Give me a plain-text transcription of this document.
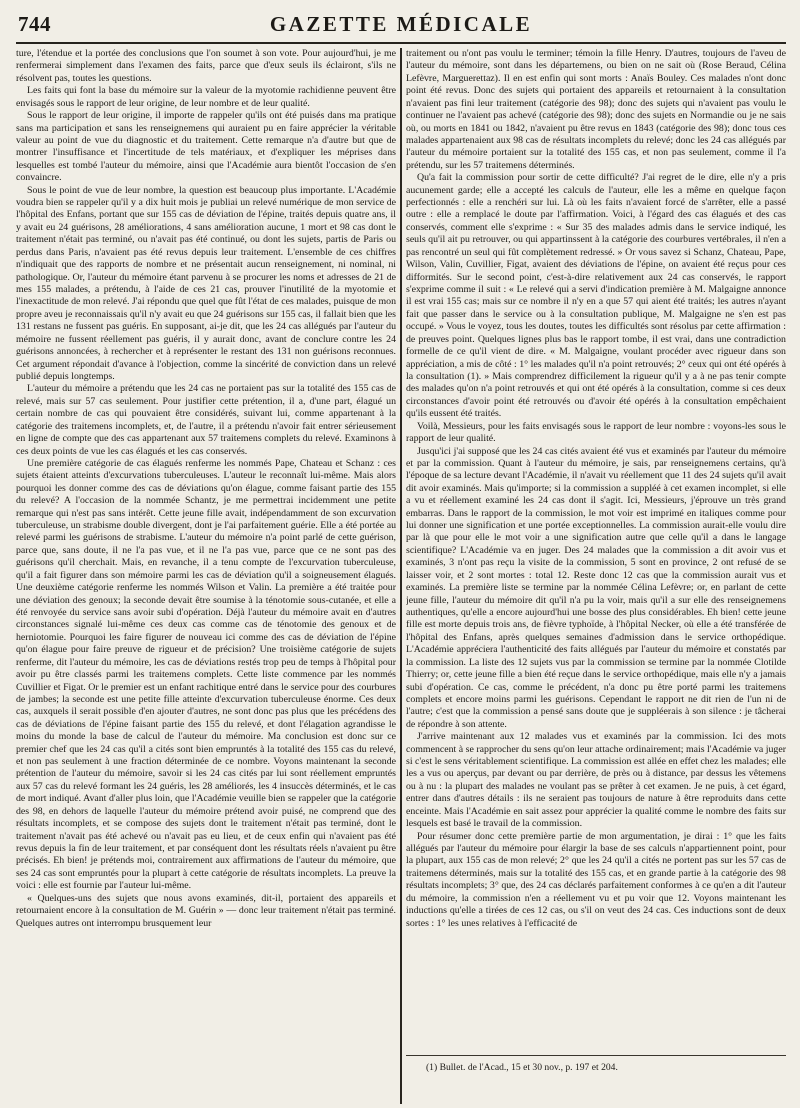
744	GAZETTE MÉDICALE

ture, l'étendue et la portée des conclusions que l'on soumet à son vote. Pour aujourd'hui, je me renfermerai simplement dans l'examen des faits, parce que d'eux seuls ils éclairont, s'ils ne résolvent pas, toutes les questions.

Les faits qui font la base du mémoire sur la valeur de la myotomie rachidienne peuvent être envisagés sous le rapport de leur origine, de leur nombre et de leur qualité.

Sous le rapport de leur origine, il importe de rappeler qu'ils ont été puisés dans ma pratique sans ma participation et sans les renseignemens qui auraient pu en faire apprécier la véritable valeur au point de vue du diagnostic et du traitement. Cette remarque n'a d'autre but que de montrer l'insuffisance et l'incertitude de tels matériaux, et d'expliquer les méprises dans lesquelles est tombé l'auteur du mémoire, ainsi que l'Académie aura bientôt l'occasion de s'en convaincre.

Sous le point de vue de leur nombre, la question est beaucoup plus importante. L'Académie voudra bien se rappeler qu'il y a dix huit mois je publiai un relevé numérique de mon service de l'hôpital des Enfans, portant que sur 155 cas de déviation de l'épine, traités depuis quatre ans, il y avait eu 24 guérisons, 28 améliorations, 4 sans amélioration aucune, 1 mort et 98 cas dont le traitement n'était pas terminé, ou n'avait pas été continué, ou dont les sujets, partis de Paris ou perdus dans Paris, n'avaient pas été revus depuis leur traitement. L'ensemble de ces chiffres n'indiquait que des rapports de nombre et ne présentait aucun renseignement, ni nominal, ni pathologique. Or, l'auteur du mémoire étant parvenu à se procurer les noms et adresses de 21 de mes 155 malades, a prétendu, à l'aide de ces 21 cas, prouver l'inutilité de la myotomie et l'inexactitude de mon relevé. J'ai répondu que quel que fût l'état de ces malades, puisque de mon propre aveu je reconnaissais qu'il n'y avait eu que 24 guérisons sur 155 cas, il fallait bien que les 131 restans ne fussent pas guéris. En supposant, ai-je dit, que les 24 cas allégués par l'auteur du mémoire ne fussent réellement pas guéris, il y aurait donc, avant de conclure contre les 24 guérisons annoncées, à rechercher et à représenter le restant des 131 non guérisons reconnues. Cet argument répondait d'avance à l'objection, comme la sincérité de conviction dans un relevé publié depuis longtemps.

L'auteur du mémoire a prétendu que les 24 cas ne portaient pas sur la totalité des 155 cas de relevé, mais sur 57 cas seulement. Pour justifier cette prétention, il a, d'une part, élagué un certain nombre de cas qui pouvaient être considérés, suivant lui, comme appartenant à la catégorie des traitemens incomplets, et, de l'autre, il a prétendu n'avoir fait entrer sérieusement en ligne de compte que des cas appartenant aux 57 traitemens complets du relevé. Examinons à ces deux points de vue les cas élagués et les cas conservés.

Une première catégorie de cas élagués renferme les nommés Pape, Chateau et Schanz : ces sujets étaient atteints d'excurvations tuberculeuses. L'auteur le reconnaît lui-même. Mais alors pourquoi les donner comme des cas de déviations qu'on élague, comme faisant partie des 155 du relevé? A l'occasion de la nommée Schantz, je me permettrai incidemment une petite remarque qui n'est pas sans intérêt. Cette jeune fille avait, indépendamment de son excurvation tuberculeuse, un strabisme double divergent, dont je l'ai parfaitement guérie. Elle a été portée au relevé parmi les guérisons de strabisme. L'auteur du mémoire n'a point parlé de cette guérison, parce que, sans doute, il ne l'a pas vue, et il ne l'a pas vue, parce que ce ne sont pas des guérisons qu'il cherchait. Mais, en revanche, il a tenu compte de l'excurvation tuberculeuse, qu'il a fait figurer dans son mémoire parmi les cas de déviation qu'il a soigneusement élagués. Une deuxième catégorie renferme les nommés Wilson et Valin. La première a été traitée pour une déviation des genoux; la seconde devait être soumise à la ténotomie sous-cutanée, et elle a été renvoyée du service sans avoir subi d'opération. Déjà l'auteur du mémoire avait en d'autres circonstances signalé lui-même ces deux cas comme cas de ténotomie des genoux et de herniotomie. Pourquoi les faire figurer de nouveau ici comme des cas de déviation de l'épine qu'on élague pour faire preuve de rigueur et de précision? Une troisième catégorie de sujets renferme, dit l'auteur du mémoire, les cas de déviations restés trop peu de temps à l'hôpital pour avoir pu être classés parmi les traitemens complets. Cette liste commence par les nommés Cuvillier et Figat. Or le premier est un enfant rachitique entré dans le service pour des courbures de jambes; la seconde est une petite fille atteinte d'excurvation tuberculeuse énorme. Ces deux cas, auxquels il serait possible d'en ajouter d'autres, ne sont donc pas plus que les précédens des cas de déviations de l'épine faisant partie des 155 du relevé, et dont l'élagation agrandisse le moins du monde la base de calcul de l'auteur du mémoire. Ma conclusion est donc sur ce premier chef que les 24 cas qu'il a cités sont bien empruntés à la totalité des 155 cas du relevé, et non pas seulement à une fraction déterminée de ce nombre. Voyons maintenant la seconde prétention de l'auteur du mémoire, savoir si les 24 cas cités par lui sont réellement empruntés aux 57 cas du relevé formant les 24 guéris, les 28 améliorés, les 4 insuccès déterminés, et le cas de mort indiqué. Avant d'aller plus loin, que l'Académie veuille bien se rappeler que la catégorie des 98, en dehors de laquelle l'auteur du mémoire prétend avoir puisé, ne comprend que des résultats incomplets, et se compose des sujets dont le traitement n'était pas terminé, dont le traitement n'avait pas été achevé ou n'avait pas eu lieu, et de ceux enfin qui n'avaient pas été revus depuis la fin de leur traitement, et par conséquent dont les résultats réels n'avaient pu être précisés. Eh bien! je prétends moi, contrairement aux affirmations de l'auteur du mémoire, que ses 24 cas sont empruntés pour la plupart à cette catégorie de résultats incomplets. La preuve la voici : elle est fournie par l'auteur lui-même.

« Quelques-uns des sujets que nous avons examinés, dit-il, portaient des appareils et retournaient encore à la consultation de M. Guérin » — donc leur traitement n'était pas terminé. Quelques autres ont interrompu brusquement leur

traitement ou n'ont pas voulu le terminer; témoin la fille Henry. D'autres, toujours de l'aveu de l'auteur du mémoire, sont dans les départemens, ou bien on ne sait où (Rose Beraud, Célina Lefèvre, Marguerettaz). Il en est enfin qui sont morts : Anaïs Bouley. Ces malades n'ont donc point été revus. Donc des sujets qui portaient des appareils et retournaient à la consultation n'avaient pas fini leur traitement (catégorie des 98); donc des sujets qui n'avaient pas voulu le continuer ne l'avaient pas achevé (catégorie des 98); donc des sujets en Normandie ou je ne sais où, ou morts en 1841 ou 1842, n'avaient pu être revus en 1843 (catégorie des 98); donc tous ces malades appartenaient aux 98 cas de résultats incomplets du relevé; donc les 24 cas allégués par l'auteur du mémoire portaient sur la totalité des 155 cas, et non pas seulement, comme il l'a prétendu, sur les 57 traitemens déterminés.

Qu'a fait la commission pour sortir de cette difficulté? J'ai regret de le dire, elle n'y a pris aucunement garde; elle a accepté les calculs de l'auteur, elle les a même en quelque façon perfectionnés : elle a renchéri sur lui. Là où les faits n'avaient forcé de s'arrêter, elle a passé outre : elle a remplacé le doute par l'affirmation. Voici, à l'égard des cas élagués et des cas conservés, comment elle s'exprime : « Sur 35 des malades admis dans le service indiqué, les seuls qu'il ait pu retrouver, ou qui appartinssent à la catégorie des courbures vertébrales, il n'en a pas rencontré un seul qui fût complètement redressé. » Or vous savez si Schanz, Chateau, Pape, Wilson, Valin, Cuvillier, Figat, avaient des déviations de l'épine, on avaient été reçus pour ces difformités. Sur le second point, c'est-à-dire relativement aux 24 cas conservés, le rapport s'exprime comme il suit : « Le relevé qui a servi d'indication première à M. Malgaigne annonce il est vrai 155 cas; mais sur ce nombre il n'y en a que 57 qui aient été traités; les autres n'ayant fait que passer dans le service ou à la consultation publique, M. Malgaigne ne s'en est pas occupé. » Vous le voyez, tous les doutes, toutes les difficultés sont résolus par cette affirmation : de preuves point. Quelques lignes plus bas le rapport tombe, il est vrai, dans une contradiction formelle de ce qu'il vient de dire. « M. Malgaigne, voulant procéder avec rigueur dans son appréciation, a mis de côté : 1° les malades qu'il n'a point retrouvés; 2° ceux qui ont été opérés à la consultation (1). » Mais comprendrez difficilement la rigueur qu'il y a à ne pas tenir compte des malades qu'on n'a point retrouvés et qui ont été opérés à la consultation, comme si ces deux circonstances d'avoir point été retrouvés ou d'avoir été opérés à la consultation empêchaient qu'ils eussent été traités.

Voilà, Messieurs, pour les faits envisagés sous le rapport de leur nombre : voyons-les sous le rapport de leur qualité.

Jusqu'ici j'ai supposé que les 24 cas cités avaient été vus et examinés par l'auteur du mémoire et par la commission. Quant à l'auteur du mémoire, je sais, par renseignemens certains, qu'à l'époque de sa lecture devant l'Académie, il n'avait vu réellement que 11 des 24 sujets qu'il avait dit avoir examinés. Mais qu'importe; si la commission a suppléé à cet examen incomplet, si elle a vu et réellement examiné les 24 cas dont il s'agit. Ici, Messieurs, j'éprouve un très grand embarras. Dans le rapport de la commission, le mot voir est imprimé en italiques comme pour lui donner une signification et une portée exceptionnelles. La commission aurait-elle voulu dire par là que pour elle le mot voir a une signification autre que celle qu'il a dans le langage scientifique? L'Académie va en juger. Des 24 malades que la commission a dit avoir vus et examinés, 3 n'ont pas reçu la visite de la commission, 5 sont en province, 2 ont refusé de se laisser voir, et 2 sont mortes : total 12. Reste donc 12 cas que la commission aurait vus et examinés. La première liste se termine par la nommée Célina Lefèvre; or, en parlant de cette jeune fille, l'auteur du mémoire dit qu'il n'a pu la voir, mais qu'il a sur elle des renseignemens authentiques, qu'elle a encore aujourd'hui une bosse des plus considérables. Eh bien! cette jeune fille est morte depuis trois ans, de fièvre typhoïde, à l'hôpital Necker, où elle a été transférée de l'hôpital des Enfans, après quelques semaines d'admission dans le service orthopédique. L'Académie appréciera l'authenticité des faits allégués par l'auteur du mémoire et constatés par la commission. La liste des 12 sujets vus par la commission se termine par la nommée Clotilde Thierry; or, cette jeune fille a bien été reçue dans le service orthopédique, mais elle n'y a jamais subi d'opération. Ce cas, comme le précédent, n'a donc pu être porté parmi les traitemens complets et encore moins parmi les guérisons. Cependant le rapport ne dit rien de l'un ni de l'autre; c'est que la commission a pensé sans doute que je suppléerais à son silence : je tâcherai de répondre à son attente.

J'arrive maintenant aux 12 malades vus et examinés par la commission. Ici des mots commencent à se rapprocher du sens qu'on leur attache ordinairement; mais l'Académie va juger si c'est le sens véritablement scientifique. La commission est allée en effet chez les malades; elle les a vus ou aperçus, par devant ou par derrière, de près ou à distance, par dessus les vêtemens ou à nu : la plupart des malades ne voulant pas se prêter à cet examen. Je ne puis, à cet égard, entrer dans d'autres détails : ils ne seraient pas toujours de nature à être reproduits dans cette enceinte. Mais l'Académie en sait assez pour apprécier la qualité comme le nombre des faits sur lesquels est basé le travail de la commission.

Pour résumer donc cette première partie de mon argumentation, je dirai : 1° que les faits allégués par l'auteur du mémoire pour élargir la base de ses calculs n'appartiennent point, pour la plupart, aux 155 cas de mon relevé; 2° que les 24 qu'il a cités ne portent pas sur les 57 cas de traitemens déterminés, mais sur la totalité des 155 cas, et en grande partie à la catégorie des 98 résultats incomplets; 3° que, des 24 cas déclarés parfaitement conformes à ce qu'en a dit l'auteur du mémoire, la commission n'en a réellement vu et pu voir que 12. Voyons maintenant les inductions qu'elle a tirées de ces 12 cas, ou s'il on veut des 24 cas. Ces inductions sont de deux sortes : 1° les unes relatives à l'efficacité de

(1) Bullet. de l'Acad., 15 et 30 nov., p. 197 et 204.
